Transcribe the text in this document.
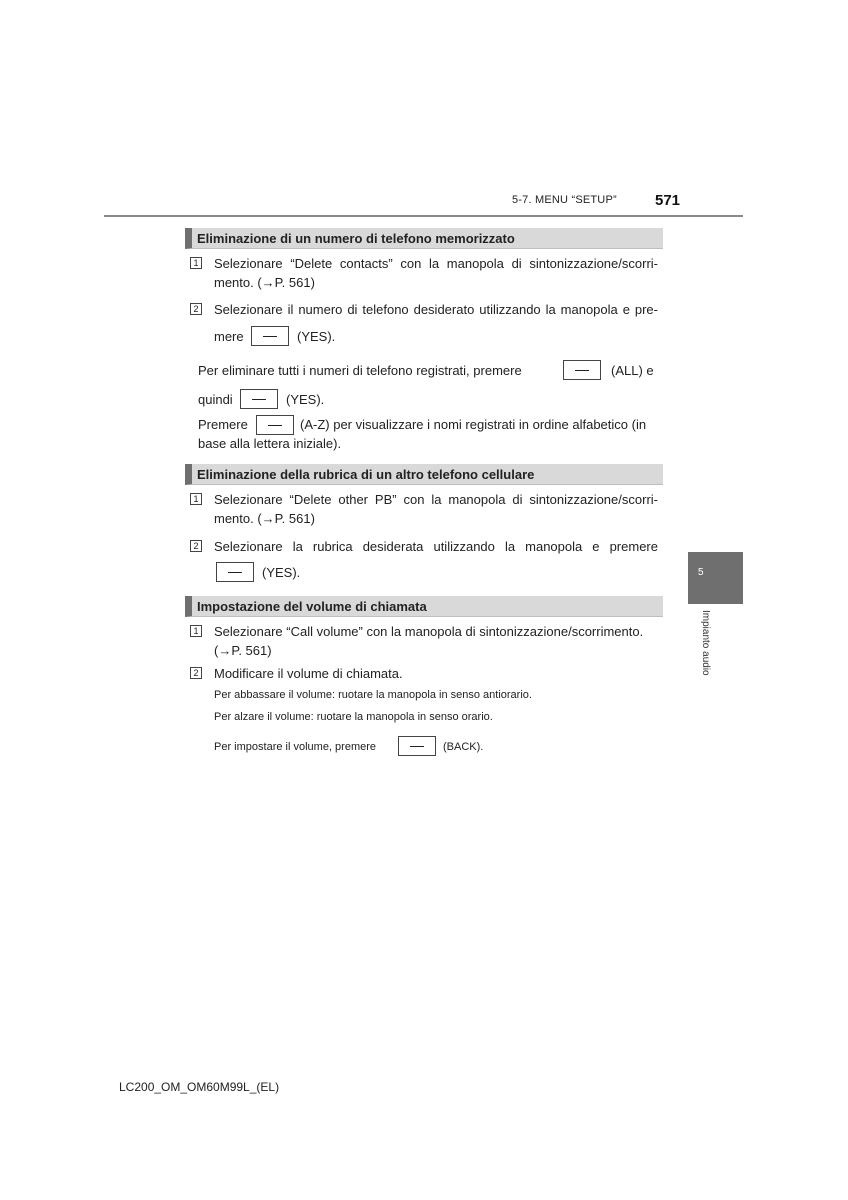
5-7. MENU “SETUP”	571
5
Impianto audio
Eliminazione di un numero di telefono memorizzato
1 Selezionare “Delete contacts” con la manopola di sintonizzazione/scorri-
mento. (→P. 561)
2 Selezionare il numero di telefono desiderato utilizzando la manopola e pre-
mere	(YES).
Per eliminare tutti i numeri di telefono registrati, premere	(ALL) e
quindi	(YES).
Premere	(A-Z) per visualizzare i nomi registrati in ordine alfabetico (in
base alla lettera iniziale).
Eliminazione della rubrica di un altro telefono cellulare
1 Selezionare “Delete other PB” con la manopola di sintonizzazione/scorri-
mento. (→P. 561)
2 Selezionare la rubrica desiderata utilizzando la manopola e premere
(YES).
Impostazione del volume di chiamata
1 Selezionare “Call volume” con la manopola di sintonizzazione/scorrimento.
(→P. 561)
2 Modificare il volume di chiamata.
Per abbassare il volume: ruotare la manopola in senso antiorario.
Per alzare il volume: ruotare la manopola in senso orario.
Per impostare il volume, premere	(BACK).
LC200_OM_OM60M99L_(EL)
